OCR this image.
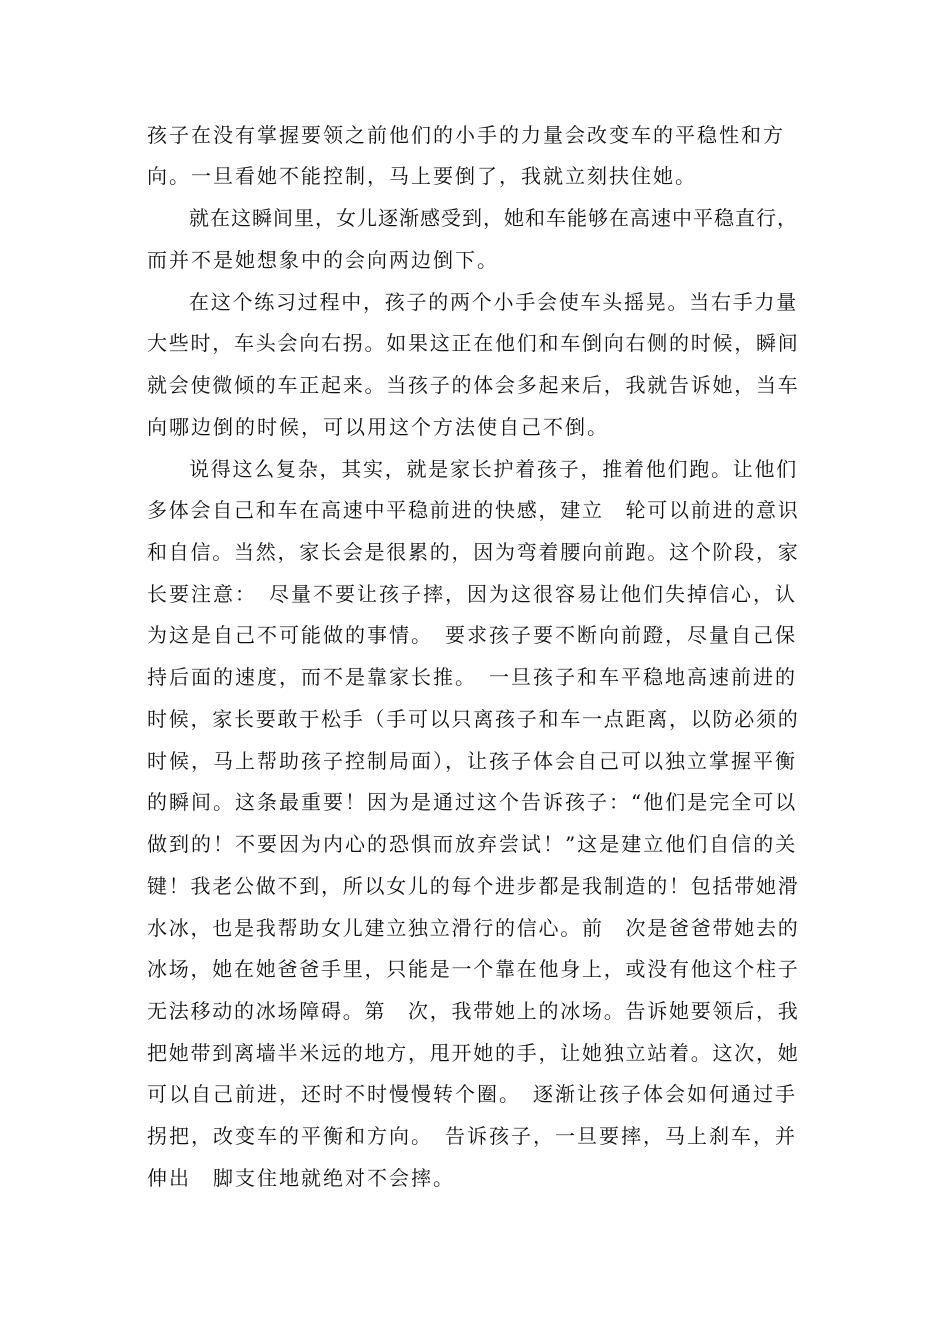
孩子在没有掌握要领之前他们的小手的力量会改变车的平稳性和方
向。一旦看她不能控制，马上要倒了，我就立刻扶住她。
就在这瞬间里，女儿逐渐感受到，她和车能够在高速中平稳直行，
而并不是她想象中的会向两边倒下。
在这个练习过程中，孩子的两个小手会使车头摇晃。当右手力量
大些时，车头会向右拐。如果这正在他们和车倒向右侧的时候，瞬间
就会使微倾的车正起来。当孩子的体会多起来后，我就告诉她，当车
向哪边倒的时候，可以用这个方法使自己不倒。
说得这么复杂，其实，就是家长护着孩子，推着他们跑。让他们
多体会自己和车在高速中平稳前进的快感，建立　轮可以前进的意识
和自信。当然，家长会是很累的，因为弯着腰向前跑。这个阶段，家
长要注意：　尽量不要让孩子摔，因为这很容易让他们失掉信心，认
为这是自己不可能做的事情。　要求孩子要不断向前蹬，尽量自己保
持后面的速度，而不是靠家长推。　一旦孩子和车平稳地高速前进的
时候，家长要敢于松手（手可以只离孩子和车一点距离，以防必须的
时候，马上帮助孩子控制局面），让孩子体会自己可以独立掌握平衡
的瞬间。这条最重要！因为是通过这个告诉孩子：“他们是完全可以
做到的！不要因为内心的恐惧而放弃尝试！”这是建立他们自信的关
键！我老公做不到，所以女儿的每个进步都是我制造的！包括带她滑
水冰，也是我帮助女儿建立独立滑行的信心。前　次是爸爸带她去的
冰场，她在她爸爸手里，只能是一个靠在他身上，或没有他这个柱子
无法移动的冰场障碍。第　次，我带她上的冰场。告诉她要领后，我
把她带到离墙半米远的地方，甩开她的手，让她独立站着。这次，她
可以自己前进，还时不时慢慢转个圈。　逐渐让孩子体会如何通过手
拐把，改变车的平衡和方向。　告诉孩子，一旦要摔，马上刹车，并
伸出　脚支住地就绝对不会摔。
